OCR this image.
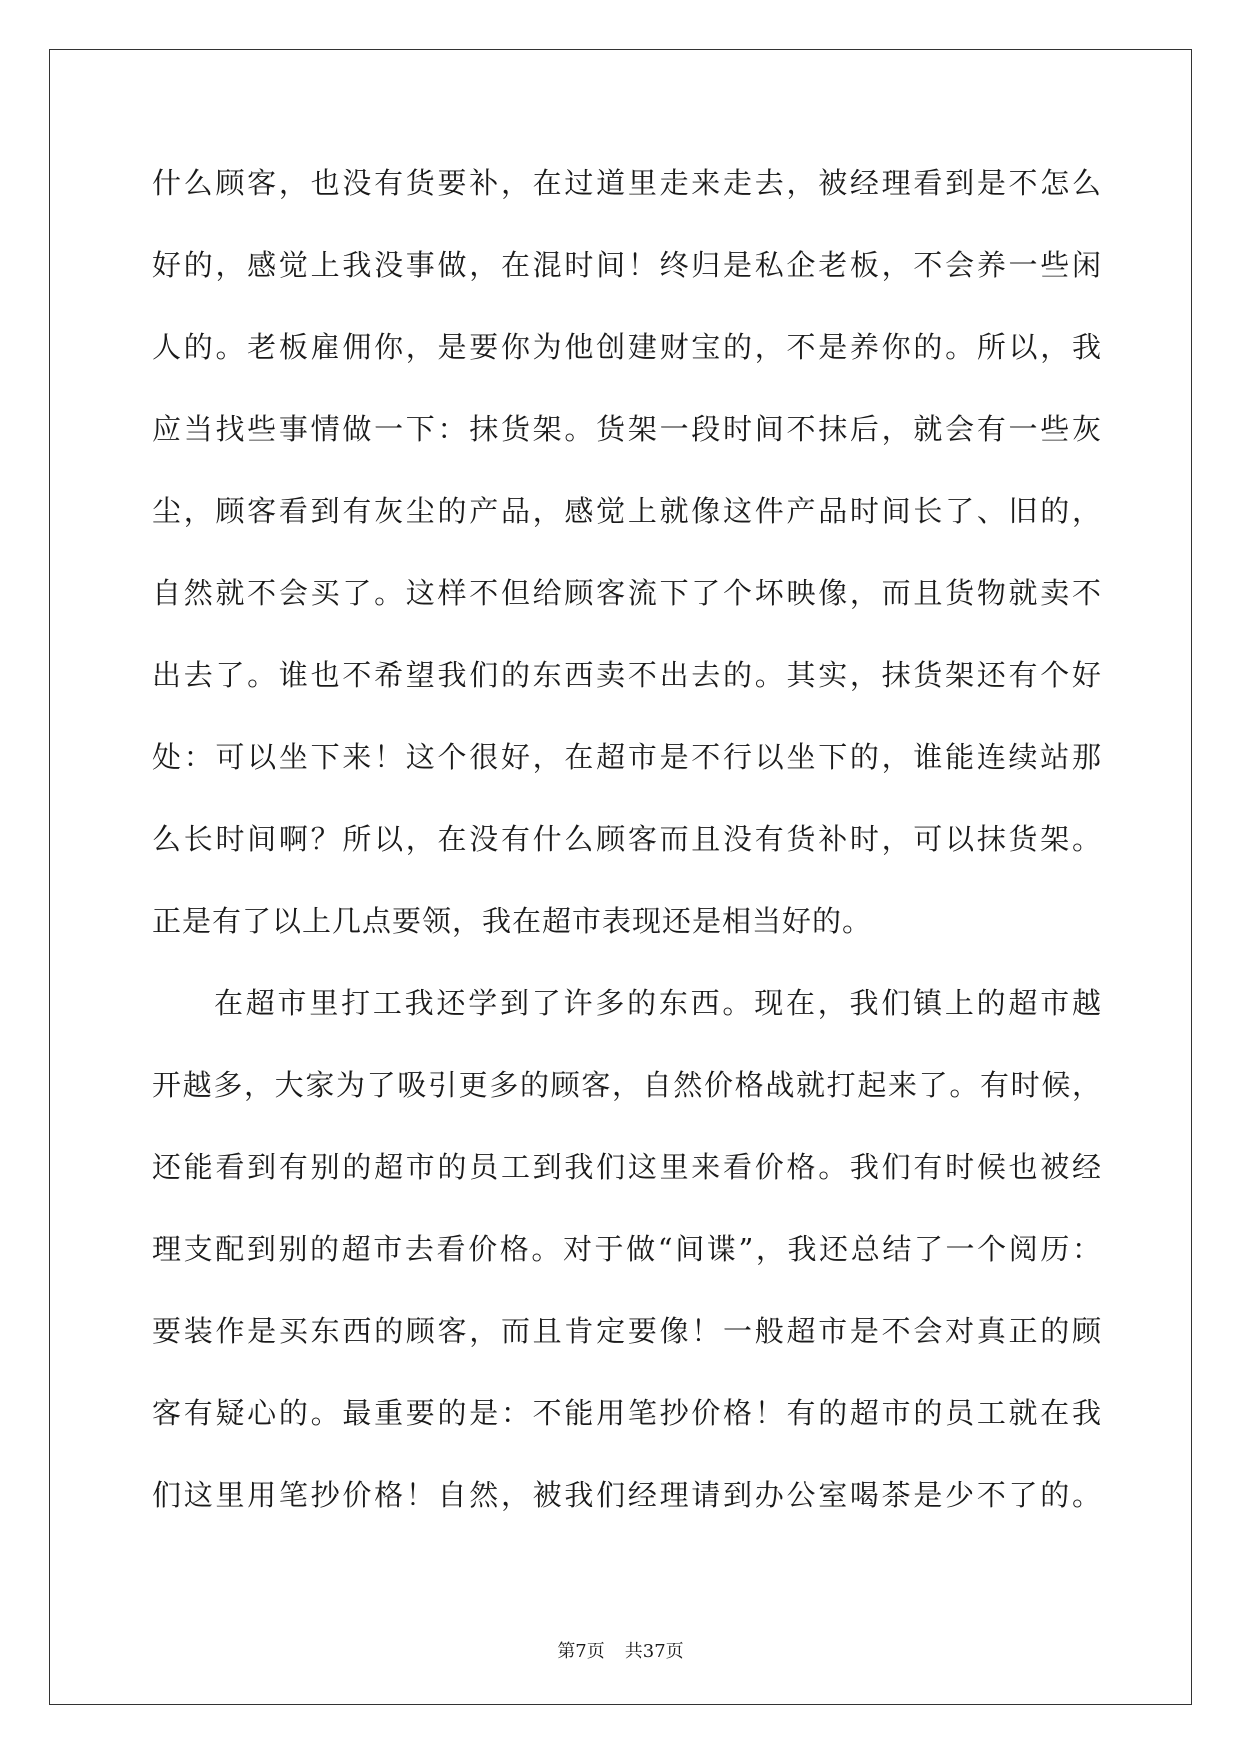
什么顾客，也没有货要补，在过道里走来走去，被经理看到是不怎么
好的，感觉上我没事做，在混时间！终归是私企老板，不会养一些闲
人的。老板雇佣你，是要你为他创建财宝的，不是养你的。所以，我
应当找些事情做一下：抹货架。货架一段时间不抹后，就会有一些灰
尘，顾客看到有灰尘的产品，感觉上就像这件产品时间长了、旧的，
自然就不会买了。这样不但给顾客流下了个坏映像，而且货物就卖不
出去了。谁也不希望我们的东西卖不出去的。其实，抹货架还有个好
处：可以坐下来！这个很好，在超市是不行以坐下的，谁能连续站那
么长时间啊？所以，在没有什么顾客而且没有货补时，可以抹货架。
正是有了以上几点要领，我在超市表现还是相当好的。
在超市里打工我还学到了许多的东西。现在，我们镇上的超市越
开越多，大家为了吸引更多的顾客，自然价格战就打起来了。有时候，
还能看到有别的超市的员工到我们这里来看价格。我们有时候也被经
理支配到别的超市去看价格。对于做“间谍”，我还总结了一个阅历：
要装作是买东西的顾客，而且肯定要像！一般超市是不会对真正的顾
客有疑心的。最重要的是：不能用笔抄价格！有的超市的员工就在我
们这里用笔抄价格！自然，被我们经理请到办公室喝茶是少不了的。
第7页 共37页
